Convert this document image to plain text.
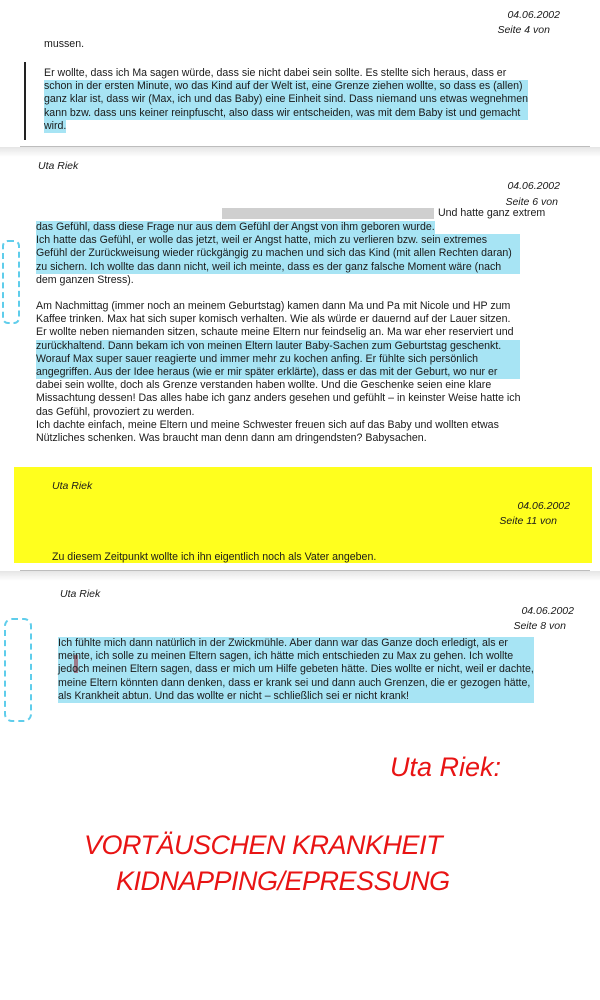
04.06.2002
Seite 4 von
mussen.
Er wollte, dass ich Ma sagen würde, dass sie nicht dabei sein sollte. Es stellte sich heraus, dass er
schon in der ersten Minute, wo das Kind auf der Welt ist, eine Grenze ziehen wollte, so dass es (allen)
ganz klar ist, dass wir (Max, ich und das Baby) eine Einheit sind. Dass niemand uns etwas wegnehmen
kann bzw. dass uns keiner reinpfuscht, also dass wir entscheiden, was mit dem Baby ist und gemacht
wird.
Uta Riek
04.06.2002
Seite 6 von
Und hatte ganz extrem
das Gefühl, dass diese Frage nur aus dem Gefühl der Angst von ihm geboren wurde.
Ich hatte das Gefühl, er wolle das jetzt, weil er Angst hatte, mich zu verlieren bzw. sein extremes
Gefühl der Zurückweisung wieder rückgängig zu machen und sich das Kind (mit allen Rechten daran)
zu sichern. Ich wollte das dann nicht, weil ich meinte, dass es der ganz falsche Moment wäre (nach
dem ganzen Stress).
Am Nachmittag (immer noch an meinem Geburtstag) kamen dann Ma und Pa mit Nicole und HP zum
Kaffee trinken. Max hat sich super komisch verhalten. Wie als würde er dauernd auf der Lauer sitzen.
Er wollte neben niemanden sitzen, schaute meine Eltern nur feindselig an. Ma war eher reserviert und
zurückhaltend. Dann bekam ich von meinen Eltern lauter Baby-Sachen zum Geburtstag geschenkt.
Worauf Max super sauer reagierte und immer mehr zu kochen anfing. Er fühlte sich persönlich
angegriffen. Aus der Idee heraus (wie er mir später erklärte), dass er das mit der Geburt, wo nur er
dabei sein wollte, doch als Grenze verstanden haben wollte. Und die Geschenke seien eine klare
Missachtung dessen! Das alles habe ich ganz anders gesehen und gefühlt – in keinster Weise hatte ich
das Gefühl, provoziert zu werden.
Ich dachte einfach, meine Eltern und meine Schwester freuen sich auf das Baby und wollten etwas
Nützliches schenken. Was braucht man denn dann am dringendsten? Babysachen.
Uta Riek
04.06.2002
Seite 11 von
Zu diesem Zeitpunkt wollte ich ihn eigentlich noch als Vater angeben.
Uta Riek
04.06.2002
Seite 8 von
Ich fühlte mich dann natürlich in der Zwickmühle. Aber dann war das Ganze doch erledigt, als er
meinte, ich solle zu meinen Eltern sagen, ich hätte mich entschieden zu Max zu gehen. Ich wollte
jedoch meinen Eltern sagen, dass er mich um Hilfe gebeten hätte. Dies wollte er nicht, weil er dachte,
meine Eltern könnten dann denken, dass er krank sei und dann auch Grenzen, die er gezogen hätte,
als Krankheit abtun. Und das wollte er nicht – schließlich sei er nicht krank!
Uta Riek:
VORTÄUSCHEN KRANKHEIT
KIDNAPPING/EPRESSUNG
